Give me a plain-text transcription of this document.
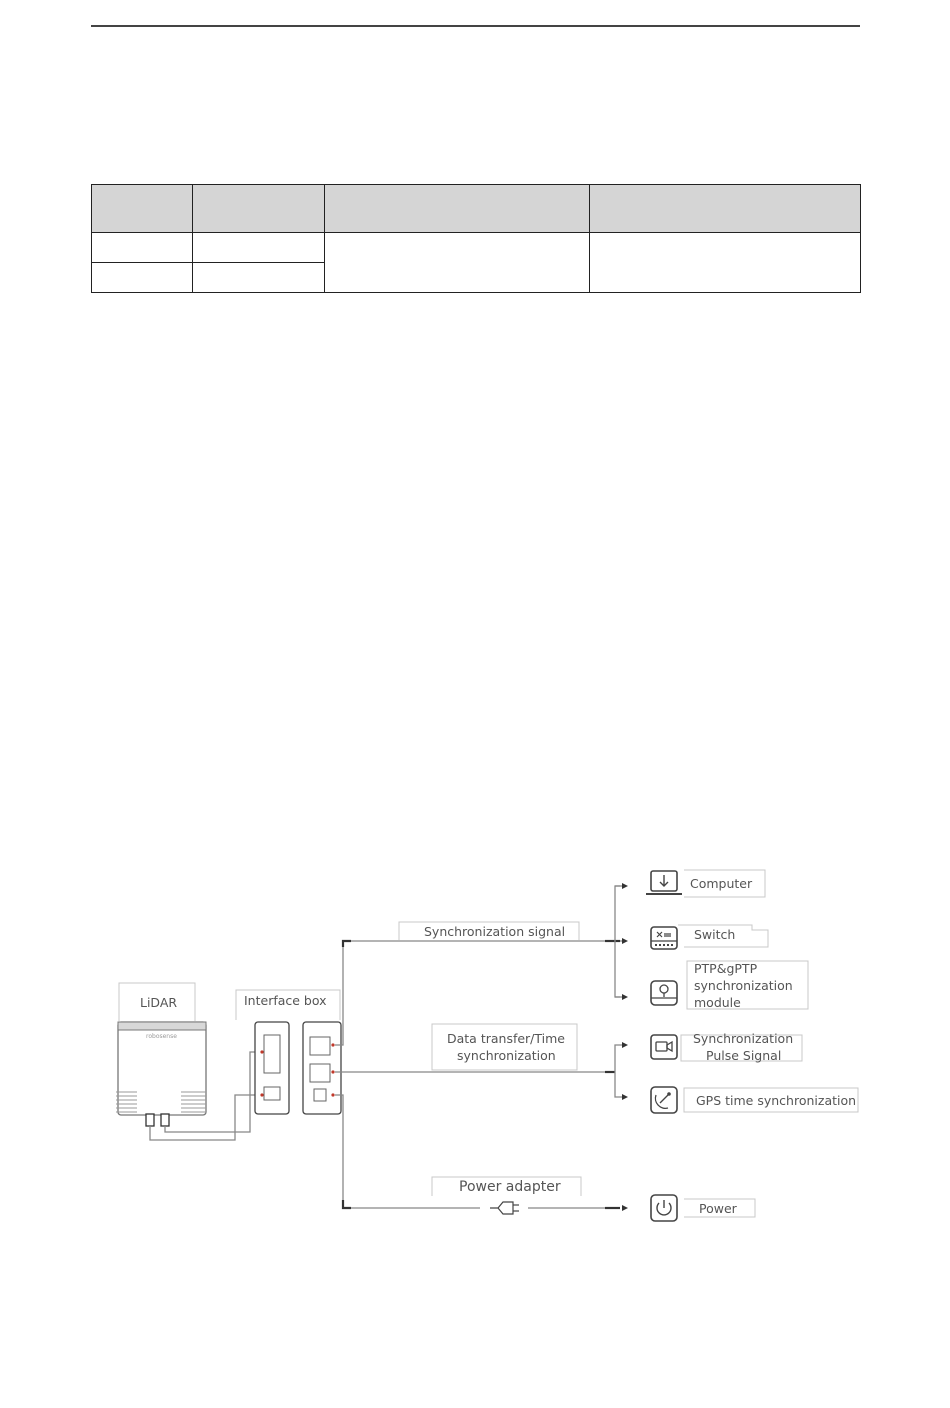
LiDAR
robosense
Interface box
Synchronization signal
Data transfer/Time
synchronization
Power adapter
Computer
Switch
PTP&gPTP
synchronization
module
Synchronization
Pulse Signal
GPS time synchronization
Power
